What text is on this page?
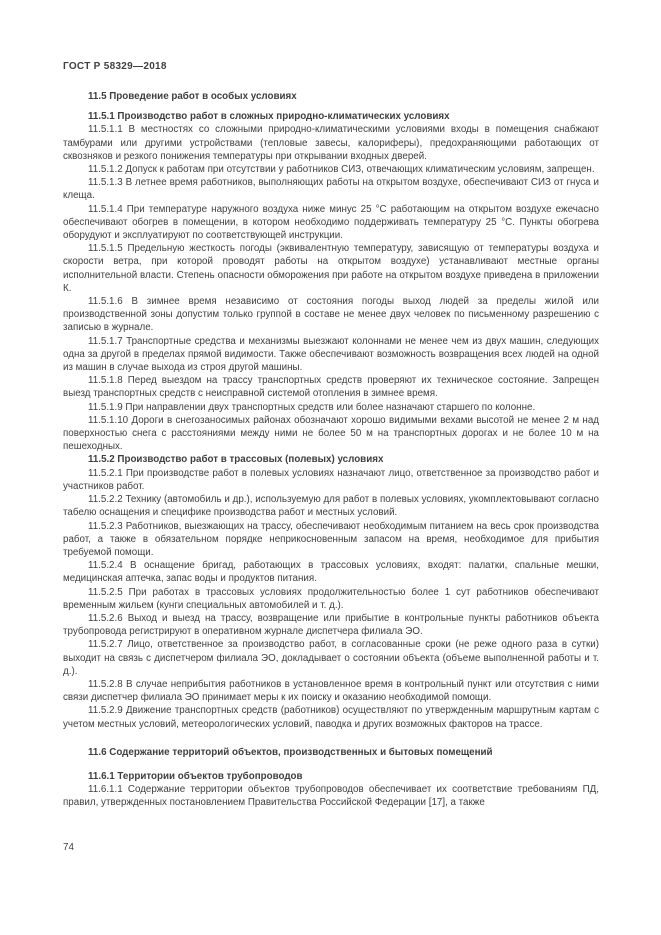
ГОСТ Р 58329—2018

11.5 Проведение работ в особых условиях

11.5.1 Производство работ в сложных природно-климатических условиях

11.5.1.1 В местностях со сложными природно-климатическими условиями входы в помещения снабжают тамбурами или другими устройствами (тепловые завесы, калориферы), предохраняющими работающих от сквозняков и резкого понижения температуры при открывании входных дверей.

11.5.1.2 Допуск к работам при отсутствии у работников СИЗ, отвечающих климатическим условиям, запрещен.

11.5.1.3 В летнее время работников, выполняющих работы на открытом воздухе, обеспечивают СИЗ от гнуса и клеща.

11.5.1.4 При температуре наружного воздуха ниже минус 25 °С работающим на открытом воздухе ежечасно обеспечивают обогрев в помещении, в котором необходимо поддерживать температуру 25 °С. Пункты обогрева оборудуют и эксплуатируют по соответствующей инструкции.

11.5.1.5 Предельную жесткость погоды (эквивалентную температуру, зависящую от температуры воздуха и скорости ветра, при которой проводят работы на открытом воздухе) устанавливают местные органы исполнительной власти. Степень опасности обморожения при работе на открытом воздухе приведена в приложении К.

11.5.1.6 В зимнее время независимо от состояния погоды выход людей за пределы жилой или производственной зоны допустим только группой в составе не менее двух человек по письменному разрешению с записью в журнале.

11.5.1.7 Транспортные средства и механизмы выезжают колоннами не менее чем из двух машин, следующих одна за другой в пределах прямой видимости. Также обеспечивают возможность возвращения всех людей на одной из машин в случае выхода из строя другой машины.

11.5.1.8 Перед выездом на трассу транспортных средств проверяют их техническое состояние. Запрещен выезд транспортных средств с неисправной системой отопления в зимнее время.

11.5.1.9 При направлении двух транспортных средств или более назначают старшего по колонне.

11.5.1.10 Дороги в снегозаносимых районах обозначают хорошо видимыми вехами высотой не менее 2 м над поверхностью снега с расстояниями между ними не более 50 м на транспортных дорогах и не более 10 м на пешеходных.

11.5.2 Производство работ в трассовых (полевых) условиях

11.5.2.1 При производстве работ в полевых условиях назначают лицо, ответственное за производство работ и участников работ.

11.5.2.2 Технику (автомобиль и др.), используемую для работ в полевых условиях, укомплектовывают согласно табелю оснащения и специфике производства работ и местных условий.

11.5.2.3 Работников, выезжающих на трассу, обеспечивают необходимым питанием на весь срок производства работ, а также в обязательном порядке неприкосновенным запасом на время, необходимое для прибытия требуемой помощи.

11.5.2.4 В оснащение бригад, работающих в трассовых условиях, входят: палатки, спальные мешки, медицинская аптечка, запас воды и продуктов питания.

11.5.2.5 При работах в трассовых условиях продолжительностью более 1 сут работников обеспечивают временным жильем (кунги специальных автомобилей и т. д.).

11.5.2.6 Выход и выезд на трассу, возвращение или прибытие в контрольные пункты работников объекта трубопровода регистрируют в оперативном журнале диспетчера филиала ЭО.

11.5.2.7 Лицо, ответственное за производство работ, в согласованные сроки (не реже одного раза в сутки) выходит на связь с диспетчером филиала ЭО, докладывает о состоянии объекта (объеме выполненной работы и т. д.).

11.5.2.8 В случае неприбытия работников в установленное время в контрольный пункт или отсутствия с ними связи диспетчер филиала ЭО принимает меры к их поиску и оказанию необходимой помощи.

11.5.2.9 Движение транспортных средств (работников) осуществляют по утвержденным маршрутным картам с учетом местных условий, метеорологических условий, паводка и других возможных факторов на трассе.

11.6 Содержание территорий объектов, производственных и бытовых помещений

11.6.1 Территории объектов трубопроводов

11.6.1.1 Содержание территории объектов трубопроводов обеспечивает их соответствие требованиям ПД, правил, утвержденных постановлением Правительства Российской Федерации [17], а также

74
